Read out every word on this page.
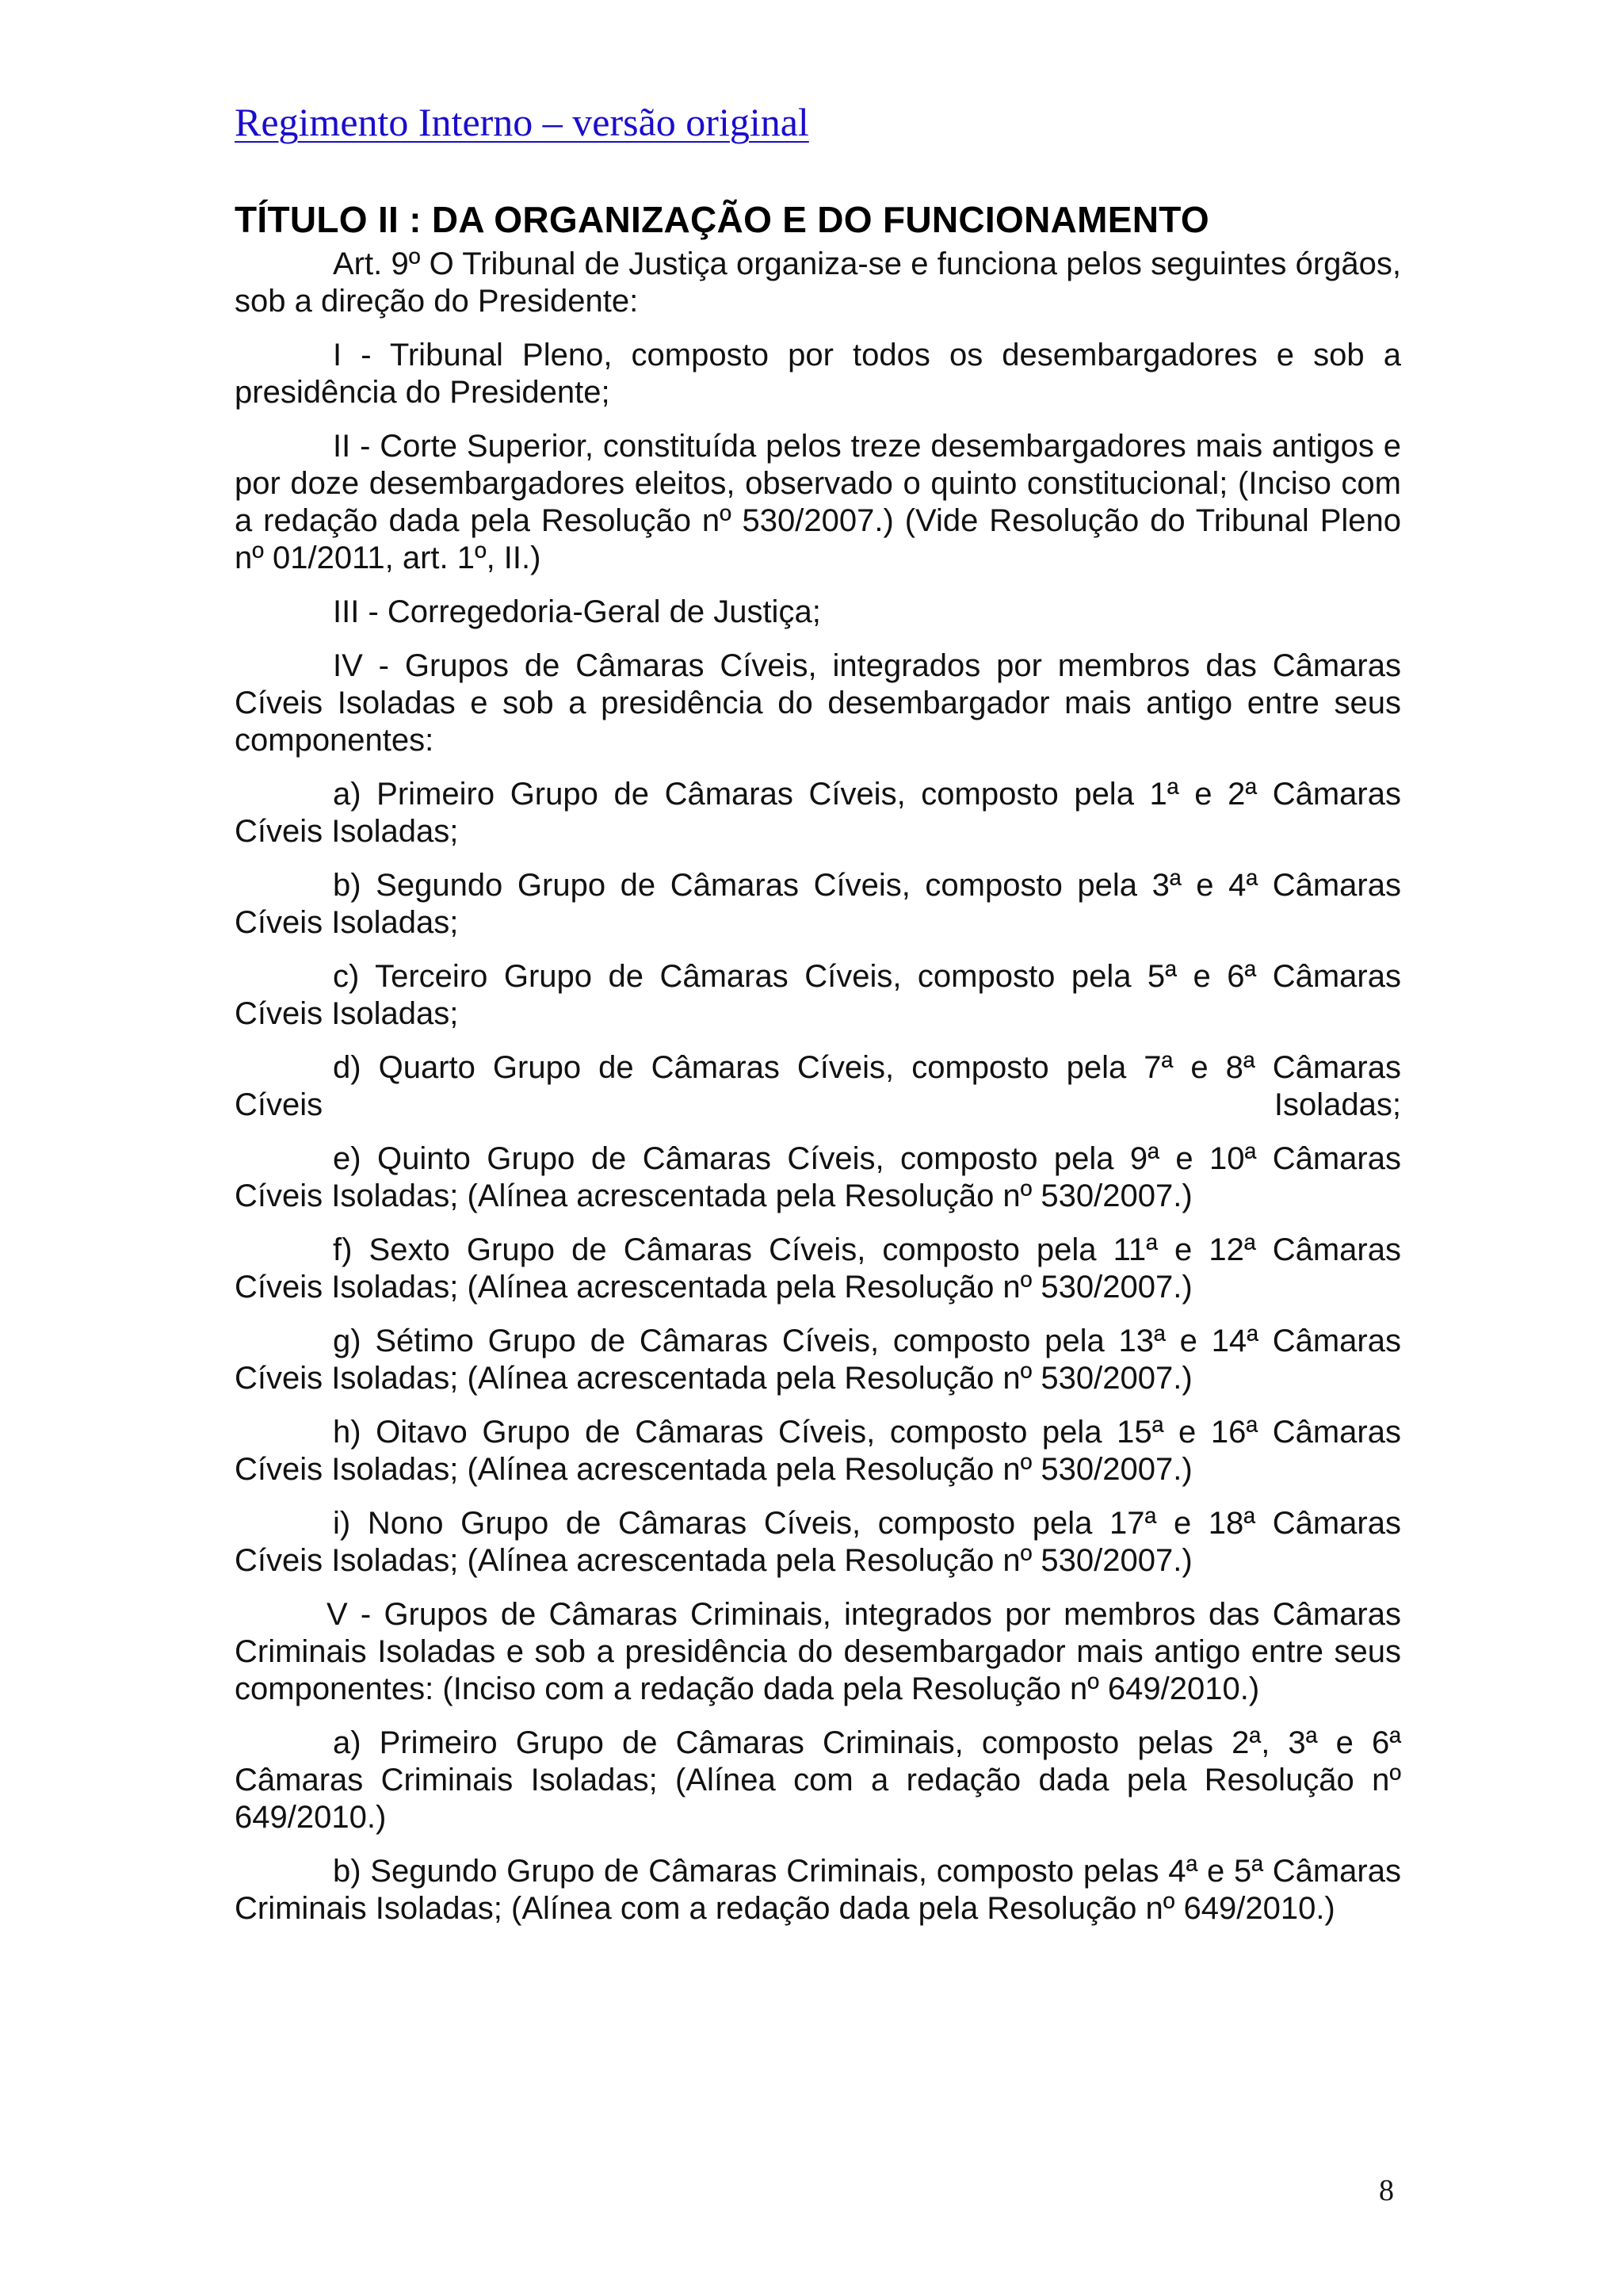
Regimento Interno – versão original
TÍTULO II : DA ORGANIZAÇÃO E DO FUNCIONAMENTO

Art. 9º O Tribunal de Justiça organiza-se e funciona pelos seguintes órgãos, sob a direção do Presidente:

I - Tribunal Pleno, composto por todos os desembargadores e sob a presidência do Presidente;

II - Corte Superior, constituída pelos treze desembargadores mais antigos e por doze desembargadores eleitos, observado o quinto constitucional; (Inciso com a redação dada pela Resolução nº 530/2007.) (Vide Resolução do Tribunal Pleno nº 01/2011, art. 1º, II.)

III - Corregedoria-Geral de Justiça;

IV - Grupos de Câmaras Cíveis, integrados por membros das Câmaras Cíveis Isoladas e sob a presidência do desembargador mais antigo entre seus componentes:

a) Primeiro Grupo de Câmaras Cíveis, composto pela 1ª e 2ª Câmaras Cíveis Isoladas;

b) Segundo Grupo de Câmaras Cíveis, composto pela 3ª e 4ª Câmaras Cíveis Isoladas;

c) Terceiro Grupo de Câmaras Cíveis, composto pela 5ª e 6ª Câmaras Cíveis Isoladas;

d) Quarto Grupo de Câmaras Cíveis, composto pela 7ª e 8ª Câmaras Cíveis Isoladas;

e) Quinto Grupo de Câmaras Cíveis, composto pela 9ª e 10ª Câmaras Cíveis Isoladas; (Alínea acrescentada pela Resolução nº 530/2007.)

f) Sexto Grupo de Câmaras Cíveis, composto pela 11ª e 12ª Câmaras Cíveis Isoladas; (Alínea acrescentada pela Resolução nº 530/2007.)

g) Sétimo Grupo de Câmaras Cíveis, composto pela 13ª e 14ª Câmaras Cíveis Isoladas; (Alínea acrescentada pela Resolução nº 530/2007.)

h) Oitavo Grupo de Câmaras Cíveis, composto pela 15ª e 16ª Câmaras Cíveis Isoladas; (Alínea acrescentada pela Resolução nº 530/2007.)

i) Nono Grupo de Câmaras Cíveis, composto pela 17ª e 18ª Câmaras Cíveis Isoladas; (Alínea acrescentada pela Resolução nº 530/2007.)

V - Grupos de Câmaras Criminais, integrados por membros das Câmaras Criminais Isoladas e sob a presidência do desembargador mais antigo entre seus componentes: (Inciso com a redação dada pela Resolução nº 649/2010.)

a) Primeiro Grupo de Câmaras Criminais, composto pelas 2ª, 3ª e 6ª Câmaras Criminais Isoladas; (Alínea com a redação dada pela Resolução nº 649/2010.)

b) Segundo Grupo de Câmaras Criminais, composto pelas 4ª e 5ª Câmaras Criminais Isoladas; (Alínea com a redação dada pela Resolução nº 649/2010.)

8
